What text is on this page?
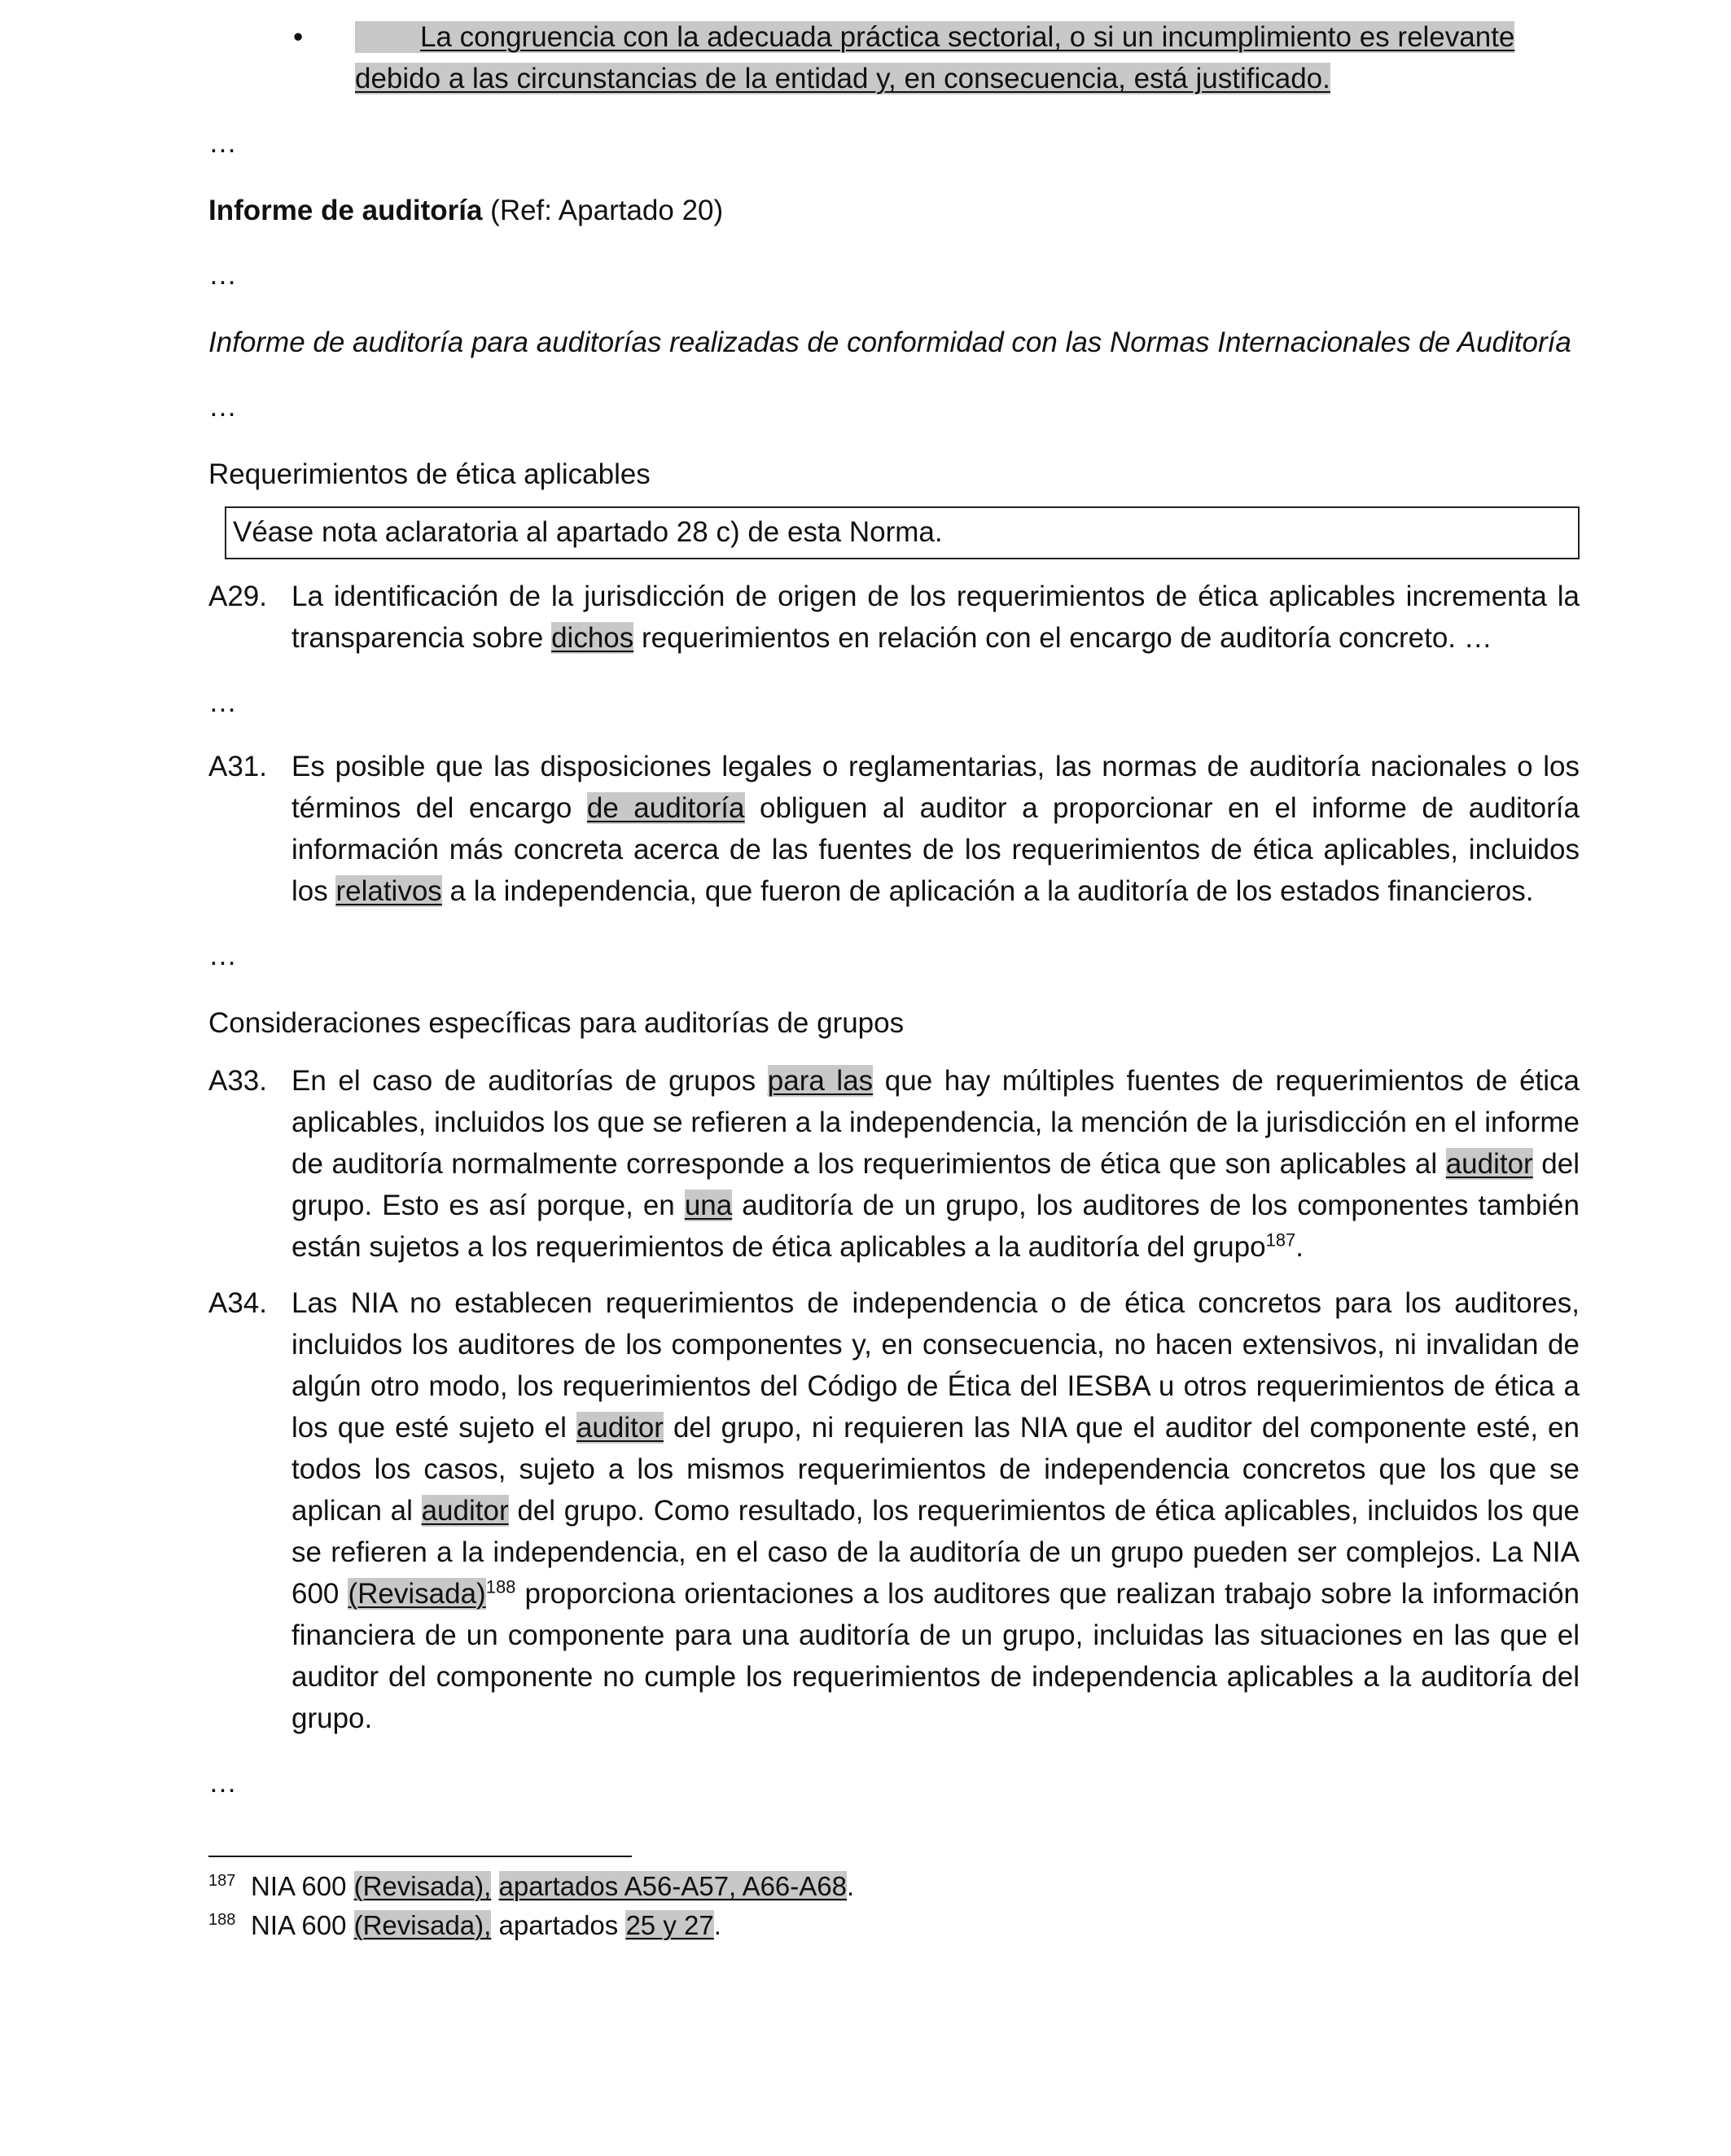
•	La congruencia con la adecuada práctica sectorial, o si un incumplimiento es relevante
debido a las circunstancias de la entidad y, en consecuencia, está justificado.

…

Informe de auditoría (Ref: Apartado 20)

…

Informe de auditoría para auditorías realizadas de conformidad con las Normas Internacionales de Auditoría

…

Requerimientos de ética aplicables

Véase nota aclaratoria al apartado 28 c) de esta Norma.
A29. La identificación de la jurisdicción de origen de los requerimientos de ética aplicables incrementa la transparencia sobre dichos requerimientos en relación con el encargo de auditoría concreto. …

…

A31. Es posible que las disposiciones legales o reglamentarias, las normas de auditoría nacionales o los términos del encargo de auditoría obliguen al auditor a proporcionar en el informe de auditoría información más concreta acerca de las fuentes de los requerimientos de ética aplicables, incluidos los relativos a la independencia, que fueron de aplicación a la auditoría de los estados financieros.

…

Consideraciones específicas para auditorías de grupos

A33. En el caso de auditorías de grupos para las que hay múltiples fuentes de requerimientos de ética aplicables, incluidos los que se refieren a la independencia, la mención de la jurisdicción en el informe de auditoría normalmente corresponde a los requerimientos de ética que son aplicables al auditor del grupo. Esto es así porque, en una auditoría de un grupo, los auditores de los componentes también están sujetos a los requerimientos de ética aplicables a la auditoría del grupo$^{187}$.
A34. Las NIA no establecen requerimientos de independencia o de ética concretos para los auditores, incluidos los auditores de los componentes y, en consecuencia, no hacen extensivos, ni invalidan de algún otro modo, los requerimientos del Código de Ética del IESBA u otros requerimientos de ética a los que esté sujeto el auditor del grupo, ni requieren las NIA que el auditor del componente esté, en todos los casos, sujeto a los mismos requerimientos de independencia concretos que los que se aplican al auditor del grupo. Como resultado, los requerimientos de ética aplicables, incluidos los que se refieren a la independencia, en el caso de la auditoría de un grupo pueden ser complejos. La NIA 600 (Revisada)$^{188}$ proporciona orientaciones a los auditores que realizan trabajo sobre la información financiera de un componente para una auditoría de un grupo, incluidas las situaciones en las que el auditor del componente no cumple los requerimientos de independencia aplicables a la auditoría del grupo.

…

$^{187}$ NIA 600 (Revisada), apartados A56-A57, A66-A68.
$^{188}$ NIA 600 (Revisada), apartados 25 y 27.
